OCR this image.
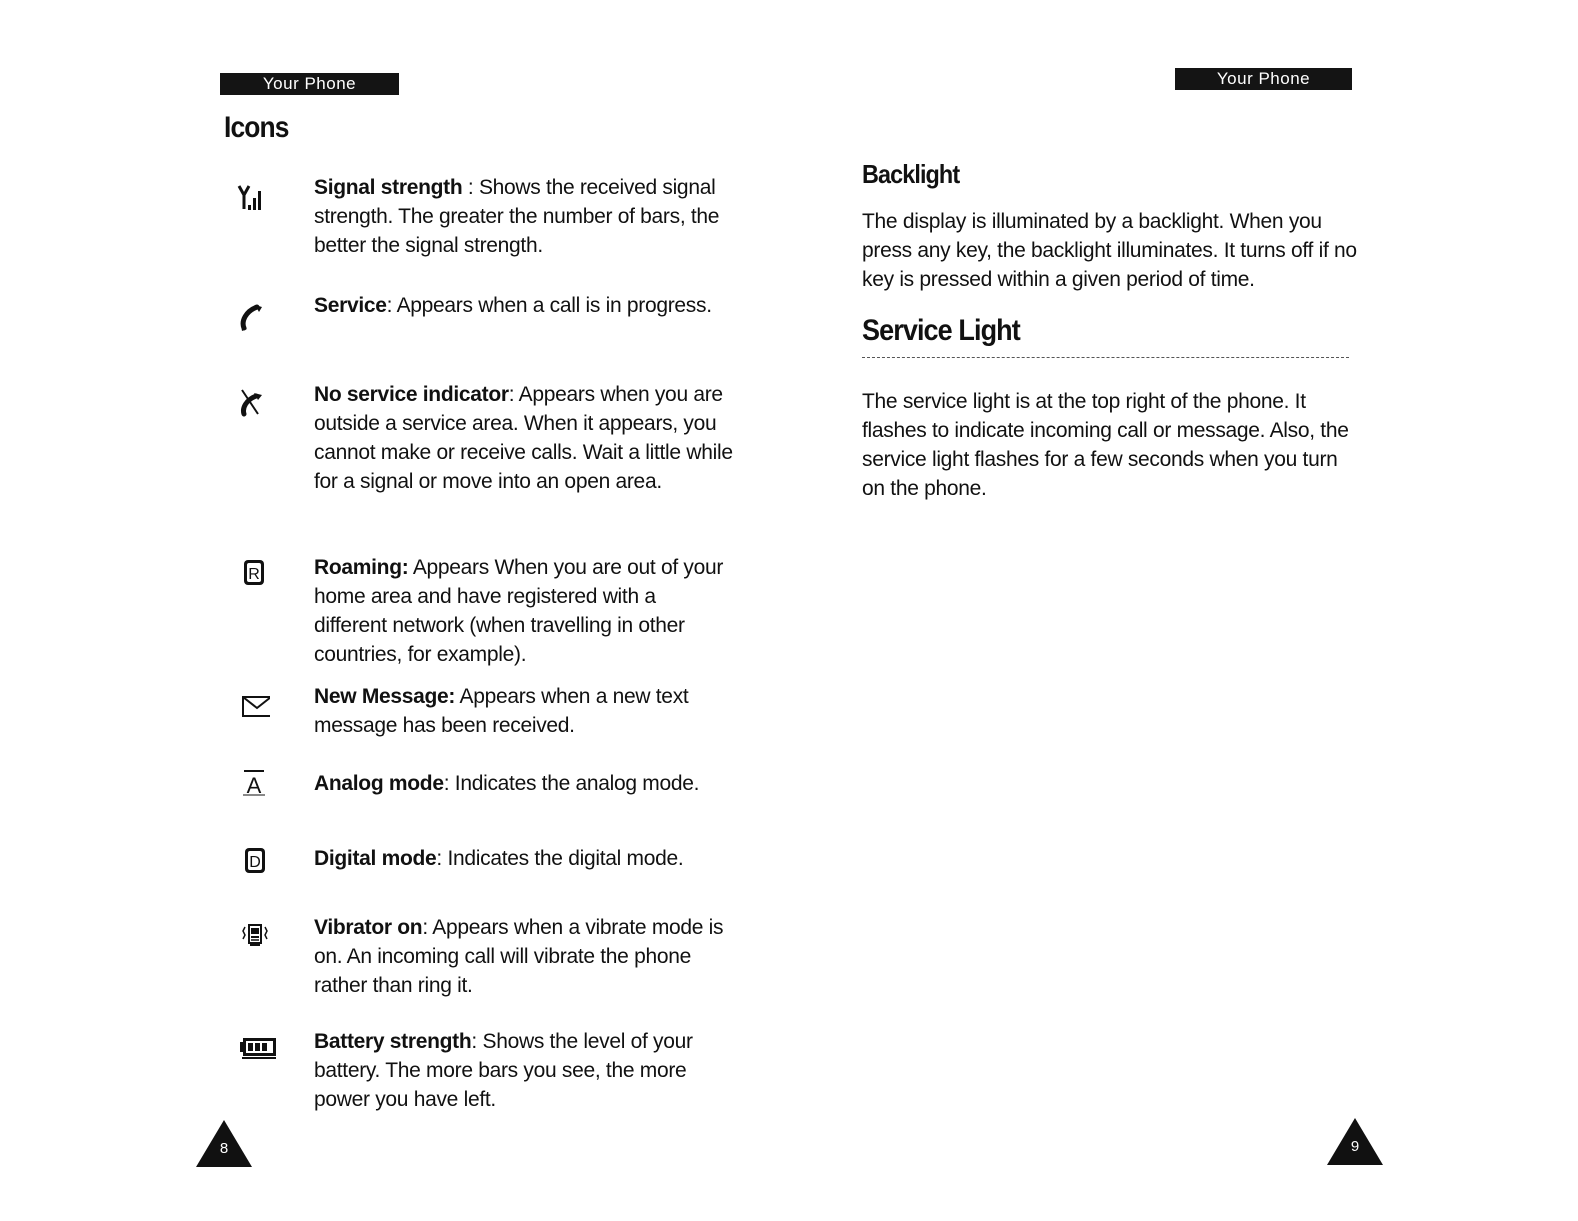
Your Phone
Icons
Signal strength : Shows the received signal strength. The greater the number of bars, the better the signal strength.
Service: Appears when a call is in progress.
No service indicator: Appears when you are outside a service area. When it appears, you cannot make or receive calls. Wait a little while for a signal or move into an open area.
R	Roaming: Appears When you are out of your home area and have registered with a different network (when travelling in other countries, for example).
New Message: Appears when a new text message has been received.
A	Analog mode: Indicates the analog mode.
D	Digital mode: Indicates the digital mode.
Vibrator on: Appears when a vibrate mode is on. An incoming call will vibrate the phone rather than ring it.
Battery strength: Shows the level of your battery. The more bars you see, the more power you have left.
8
Your Phone
Backlight

The display is illuminated by a backlight. When you press any key, the backlight illuminates. It turns off if no key is pressed within a given period of time.

Service Light

The service light is at the top right of the phone. It flashes to indicate incoming call or message. Also, the service light flashes for a few seconds when you turn on the phone.

9
